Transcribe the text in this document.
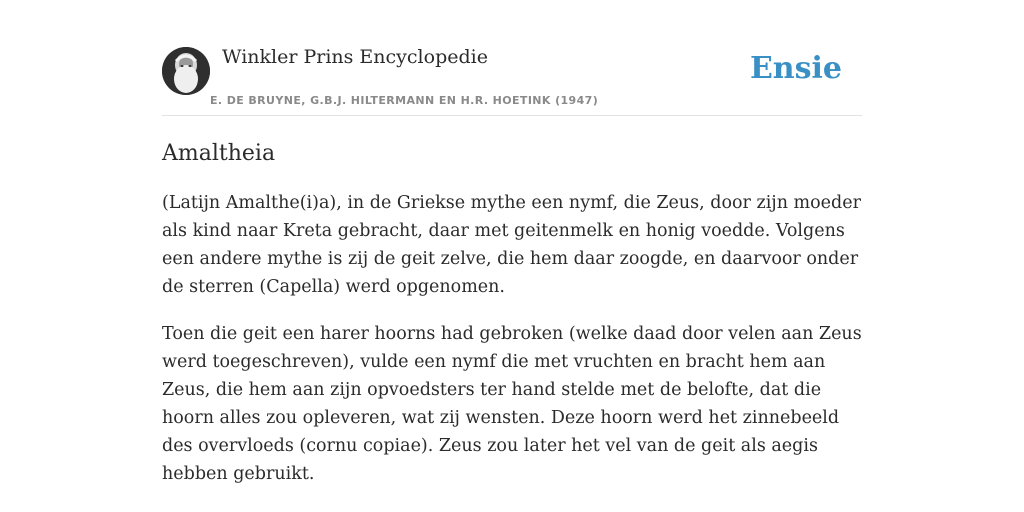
Winkler Prins Encyclopedie
E. DE BRUYNE, G.B.J. HILTERMANN EN H.R. HOETINK (1947)
Ensie
Amaltheia

(Latijn Amalthe(i)a), in de Griekse mythe een nymf, die Zeus, door zijn moeder als kind naar Kreta gebracht, daar met geitenmelk en honig voedde. Volgens een andere mythe is zij de geit zelve, die hem daar zoogde, en daarvoor onder de sterren (Capella) werd opgenomen.

Toen die geit een harer hoorns had gebroken (welke daad door velen aan Zeus werd toegeschreven), vulde een nymf die met vruchten en bracht hem aan Zeus, die hem aan zijn opvoedsters ter hand stelde met de belofte, dat die hoorn alles zou opleveren, wat zij wensten. Deze hoorn werd het zinnebeeld des overvloeds (cornu copiae). Zeus zou later het vel van de geit als aegis hebben gebruikt.
